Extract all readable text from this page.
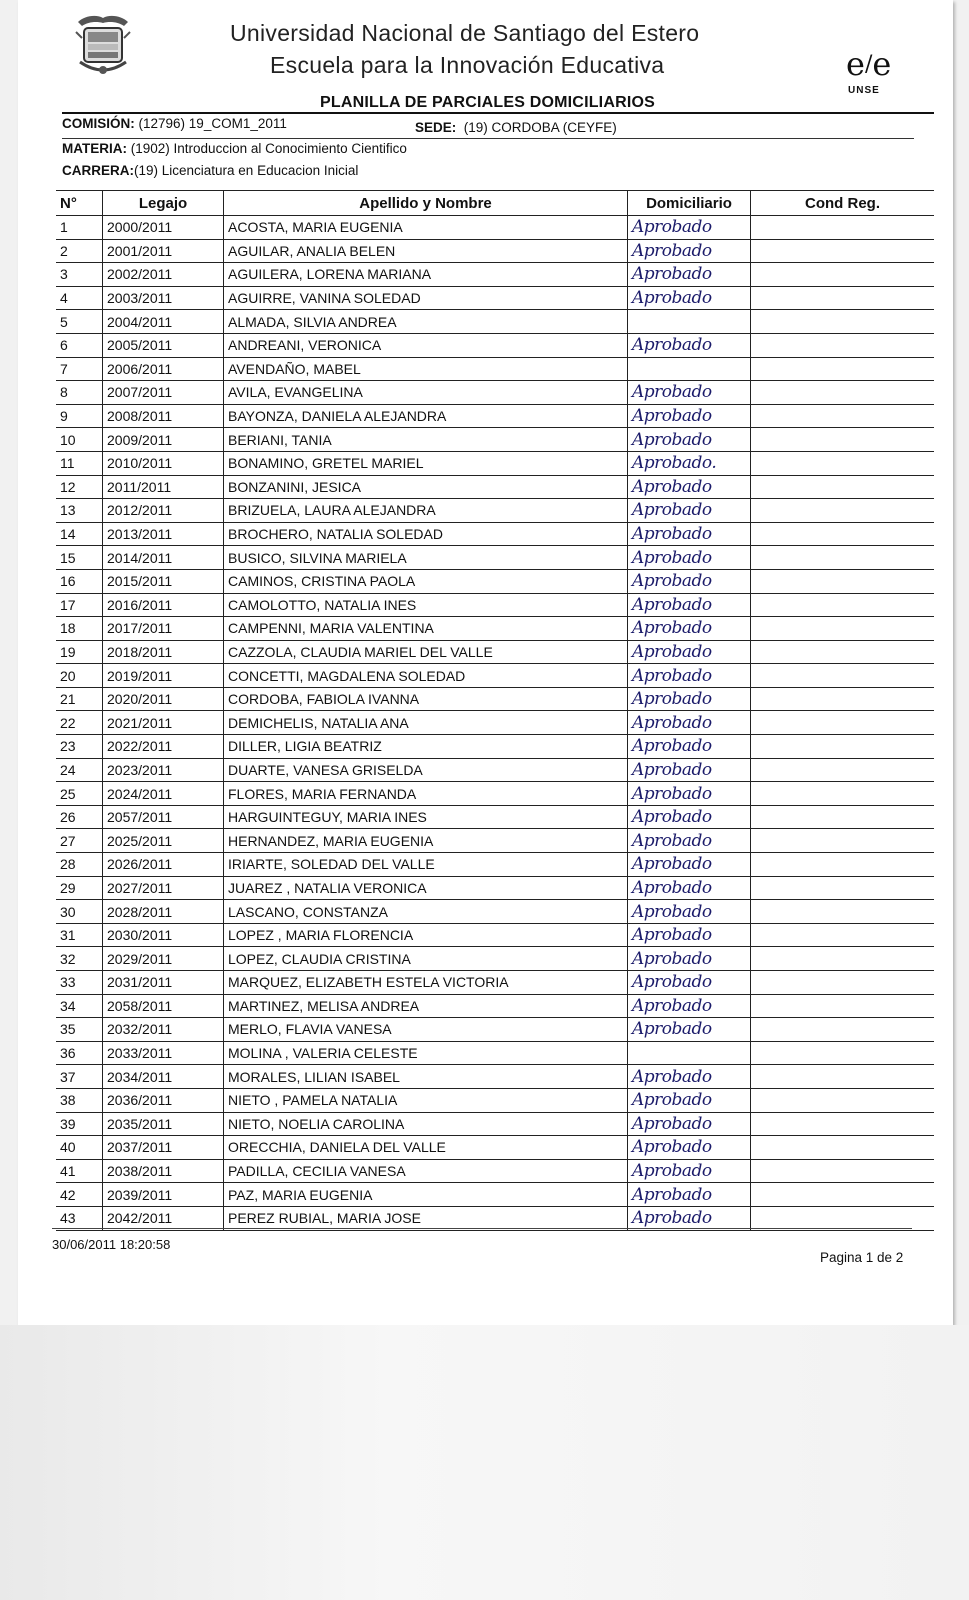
Universidad Nacional de Santiago del Estero
Escuela para la Innovación Educativa	e/e
UNSE
PLANILLA DE PARCIALES DOMICILIARIOS
COMISIÓN: (12796) 19_COM1_2011	SEDE: (19) CORDOBA (CEYFE)
MATERIA: (1902) Introduccion al Conocimiento Cientifico
CARRERA:(19) Licenciatura en Educacion Inicial
N°	Legajo	Apellido y Nombre	Domiciliario	Cond Reg.
1	2000/2011	ACOSTA, MARIA EUGENIA	Aprobado	
2	2001/2011	AGUILAR, ANALIA BELEN	Aprobado	
3	2002/2011	AGUILERA, LORENA MARIANA	Aprobado	
4	2003/2011	AGUIRRE, VANINA SOLEDAD	Aprobado	
5	2004/2011	ALMADA, SILVIA ANDREA		
6	2005/2011	ANDREANI, VERONICA	Aprobado	
7	2006/2011	AVENDAÑO, MABEL		
8	2007/2011	AVILA, EVANGELINA	Aprobado	
9	2008/2011	BAYONZA, DANIELA ALEJANDRA	Aprobado	
10	2009/2011	BERIANI, TANIA	Aprobado	
11	2010/2011	BONAMINO, GRETEL MARIEL	Aprobado.	
12	2011/2011	BONZANINI, JESICA	Aprobado	
13	2012/2011	BRIZUELA, LAURA ALEJANDRA	Aprobado	
14	2013/2011	BROCHERO, NATALIA SOLEDAD	Aprobado	
15	2014/2011	BUSICO, SILVINA MARIELA	Aprobado	
16	2015/2011	CAMINOS, CRISTINA PAOLA	Aprobado	
17	2016/2011	CAMOLOTTO, NATALIA INES	Aprobado	
18	2017/2011	CAMPENNI, MARIA VALENTINA	Aprobado	
19	2018/2011	CAZZOLA, CLAUDIA MARIEL DEL VALLE	Aprobado	
20	2019/2011	CONCETTI, MAGDALENA SOLEDAD	Aprobado	
21	2020/2011	CORDOBA, FABIOLA IVANNA	Aprobado	
22	2021/2011	DEMICHELIS, NATALIA ANA	Aprobado	
23	2022/2011	DILLER, LIGIA BEATRIZ	Aprobado	
24	2023/2011	DUARTE, VANESA GRISELDA	Aprobado	
25	2024/2011	FLORES, MARIA FERNANDA	Aprobado	
26	2057/2011	HARGUINTEGUY, MARIA INES	Aprobado	
27	2025/2011	HERNANDEZ, MARIA EUGENIA	Aprobado	
28	2026/2011	IRIARTE, SOLEDAD DEL VALLE	Aprobado	
29	2027/2011	JUAREZ , NATALIA VERONICA	Aprobado	
30	2028/2011	LASCANO, CONSTANZA	Aprobado	
31	2030/2011	LOPEZ , MARIA FLORENCIA	Aprobado	
32	2029/2011	LOPEZ, CLAUDIA CRISTINA	Aprobado	
33	2031/2011	MARQUEZ, ELIZABETH ESTELA VICTORIA	Aprobado	
34	2058/2011	MARTINEZ, MELISA ANDREA	Aprobado	
35	2032/2011	MERLO, FLAVIA VANESA	Aprobado	
36	2033/2011	MOLINA , VALERIA CELESTE		
37	2034/2011	MORALES, LILIAN ISABEL	Aprobado	
38	2036/2011	NIETO , PAMELA NATALIA	Aprobado	
39	2035/2011	NIETO, NOELIA CAROLINA	Aprobado	
40	2037/2011	ORECCHIA, DANIELA DEL VALLE	Aprobado	
41	2038/2011	PADILLA, CECILIA VANESA	Aprobado	
42	2039/2011	PAZ, MARIA EUGENIA	Aprobado	
43	2042/2011	PEREZ RUBIAL, MARIA JOSE	Aprobado	
30/06/2011 18:20:58
Pagina 1 de 2
